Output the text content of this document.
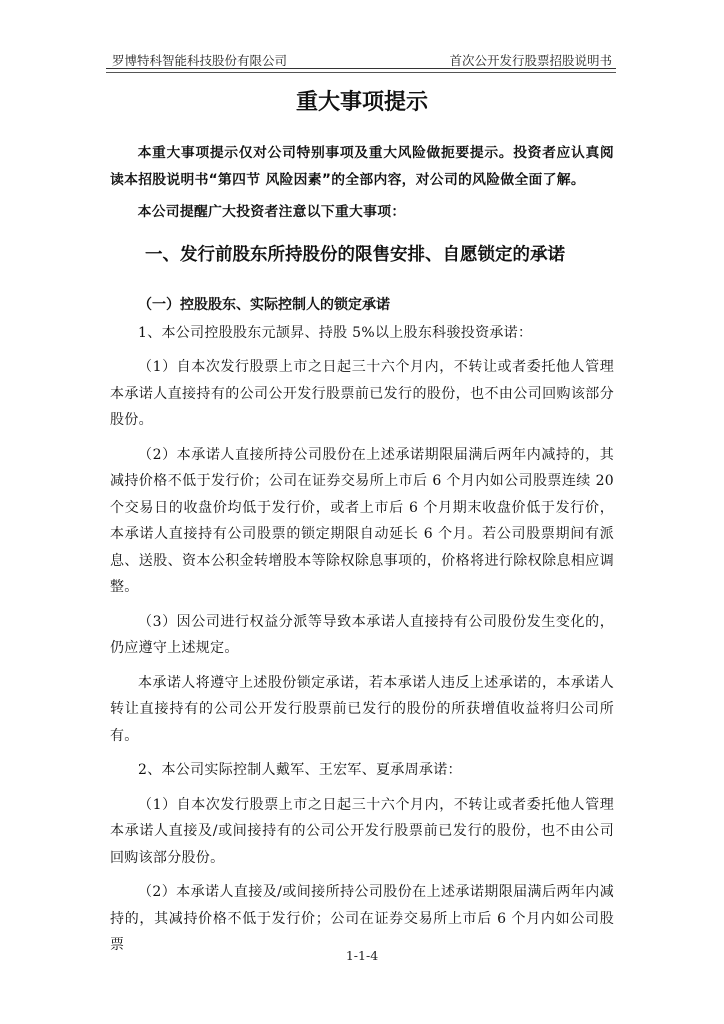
罗博特科智能科技股份有限公司	首次公开发行股票招股说明书
重大事项提示

本重大事项提示仅对公司特别事项及重大风险做扼要提示。投资者应认真阅读本招股说明书“第四节 风险因素”的全部内容，对公司的风险做全面了解。

本公司提醒广大投资者注意以下重大事项：

一、发行前股东所持股份的限售安排、自愿锁定的承诺
（一）控股股东、实际控制人的锁定承诺

1、本公司控股股东元颉昇、持股 5%以上股东科骏投资承诺：

（1）自本次发行股票上市之日起三十六个月内，不转让或者委托他人管理本承诺人直接持有的公司公开发行股票前已发行的股份，也不由公司回购该部分股份。

（2）本承诺人直接所持公司股份在上述承诺期限届满后两年内减持的，其减持价格不低于发行价；公司在证券交易所上市后 6 个月内如公司股票连续 20 个交易日的收盘价均低于发行价，或者上市后 6 个月期末收盘价低于发行价，本承诺人直接持有公司股票的锁定期限自动延长 6 个月。若公司股票期间有派息、送股、资本公积金转增股本等除权除息事项的，价格将进行除权除息相应调整。

（3）因公司进行权益分派等导致本承诺人直接持有公司股份发生变化的，仍应遵守上述规定。

本承诺人将遵守上述股份锁定承诺，若本承诺人违反上述承诺的，本承诺人转让直接持有的公司公开发行股票前已发行的股份的所获增值收益将归公司所有。

2、本公司实际控制人戴军、王宏军、夏承周承诺：

（1）自本次发行股票上市之日起三十六个月内，不转让或者委托他人管理本承诺人直接及/或间接持有的公司公开发行股票前已发行的股份，也不由公司回购该部分股份。

（2）本承诺人直接及/或间接所持公司股份在上述承诺期限届满后两年内减持的，其减持价格不低于发行价；公司在证券交易所上市后 6 个月内如公司股票

1-1-4
